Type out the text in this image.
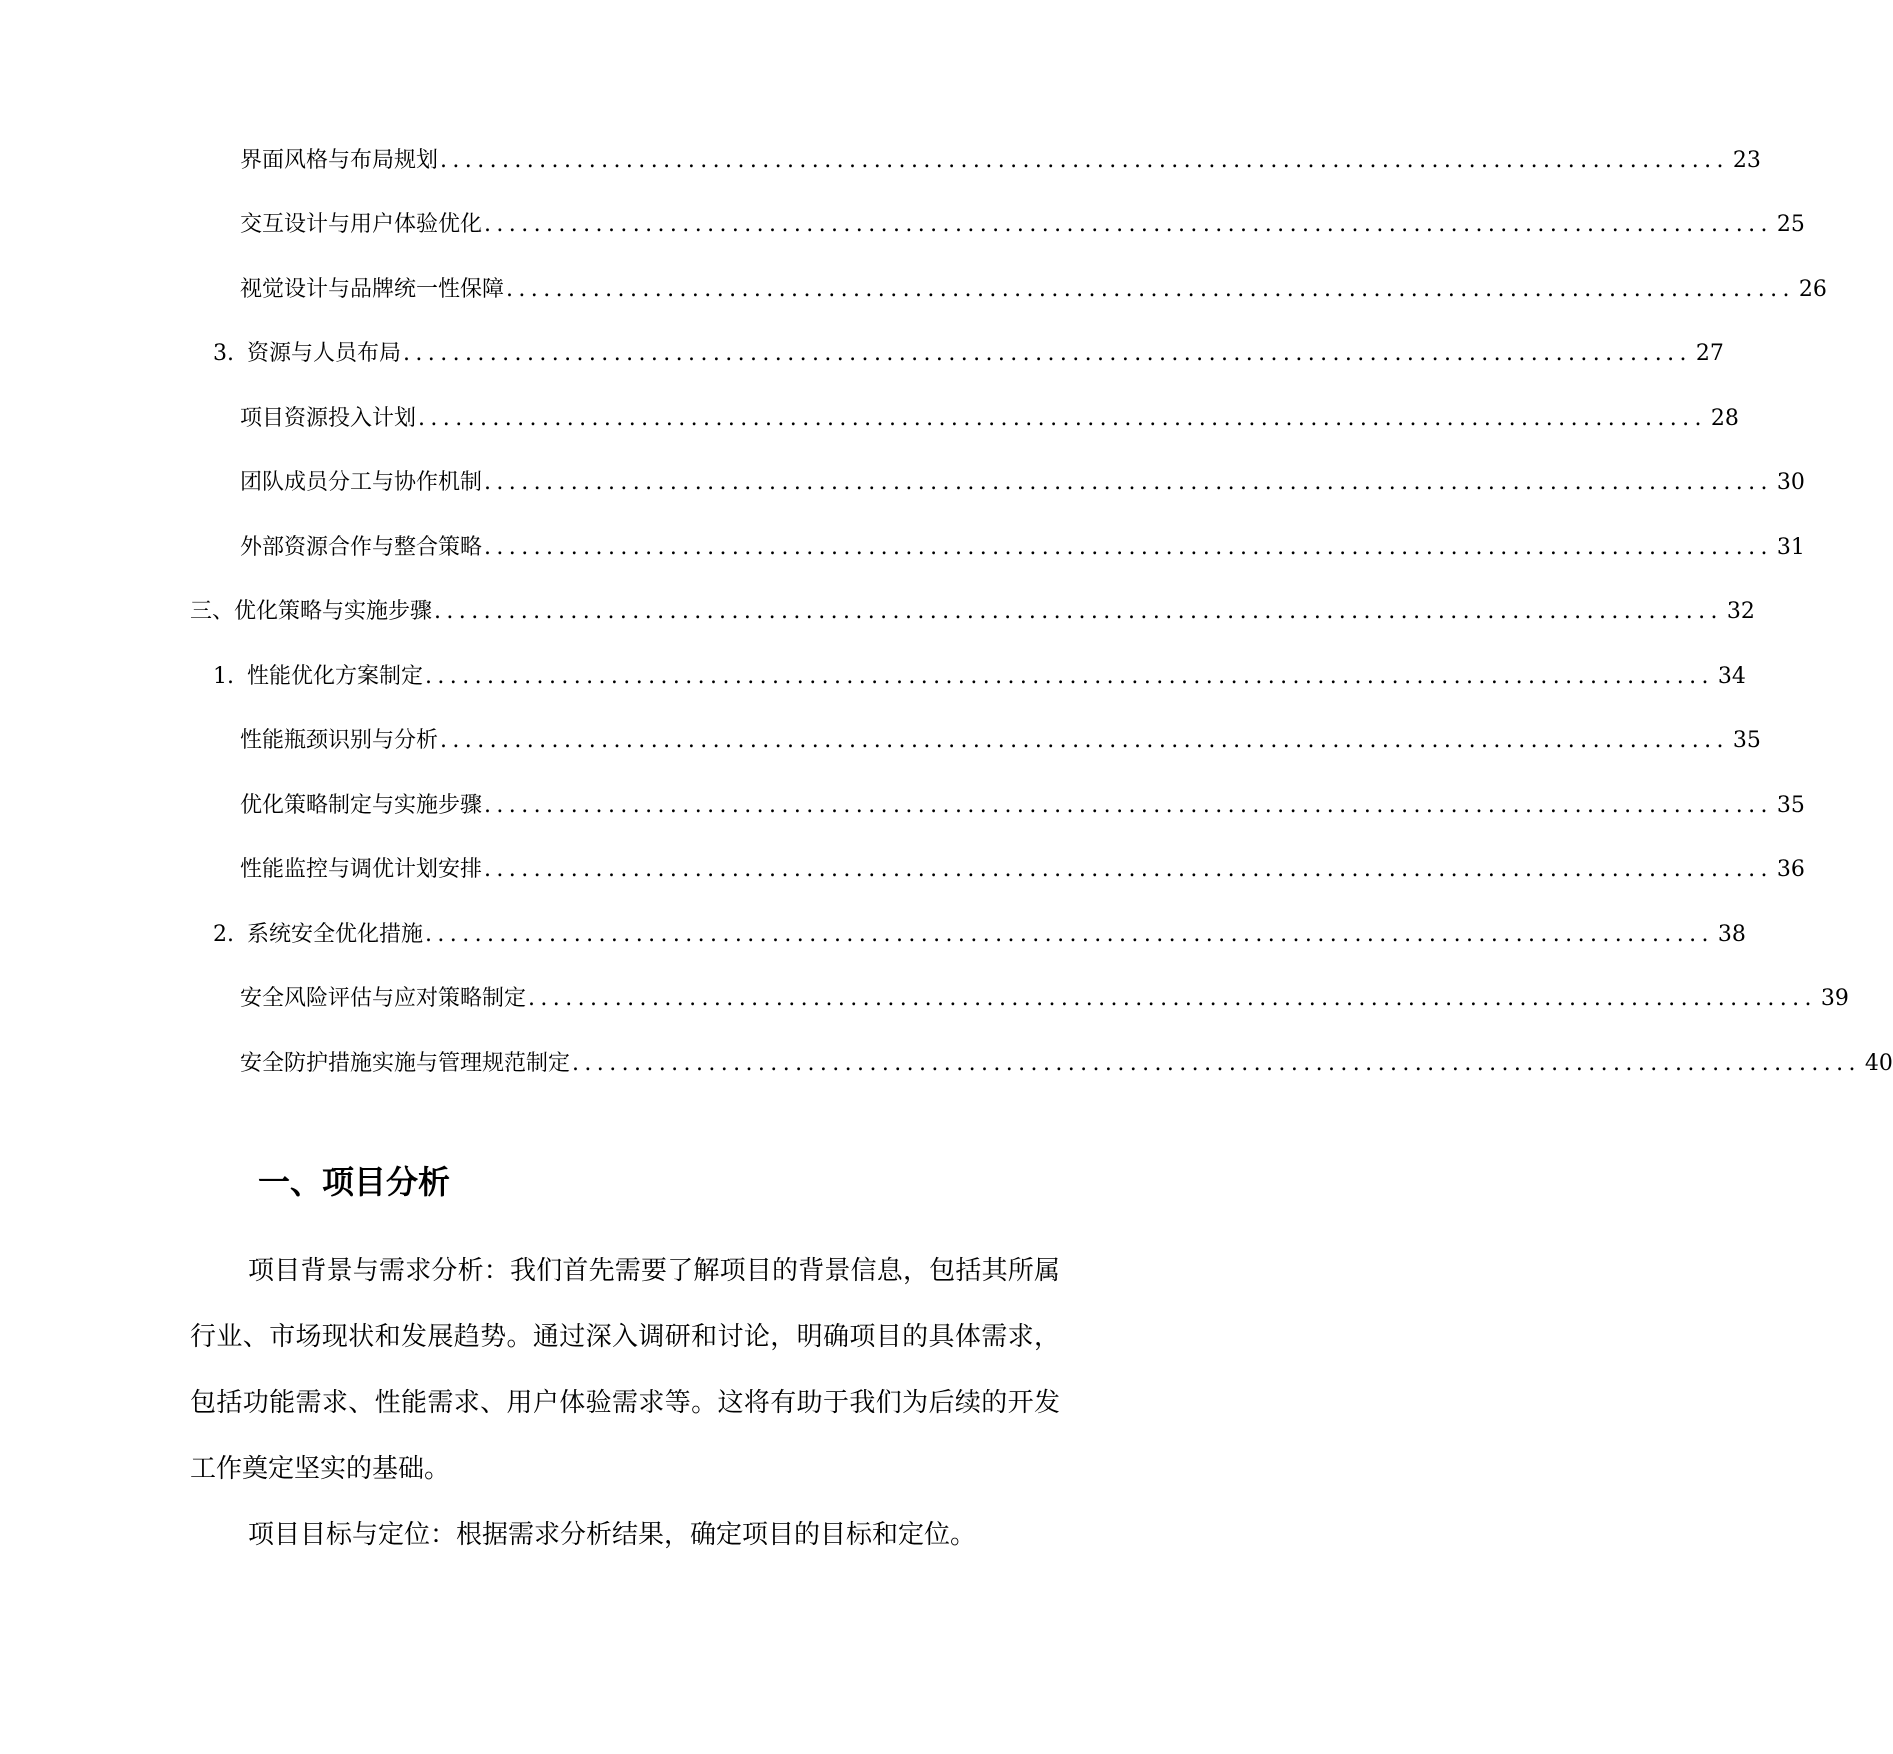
界面风格与布局规划 ........................................................................................................ 23
交互设计与用户体验优化 ........................................................................................................ 25
视觉设计与品牌统一性保障 ........................................................................................................ 26
3. 资源与人员布局 ........................................................................................................ 27
项目资源投入计划 ........................................................................................................ 28
团队成员分工与协作机制 ........................................................................................................ 30
外部资源合作与整合策略 ........................................................................................................ 31
三、优化策略与实施步骤 ........................................................................................................ 32
1. 性能优化方案制定 ........................................................................................................ 34
性能瓶颈识别与分析 ........................................................................................................ 35
优化策略制定与实施步骤 ........................................................................................................ 35
性能监控与调优计划安排 ........................................................................................................ 36
2. 系统安全优化措施 ........................................................................................................ 38
安全风险评估与应对策略制定 ........................................................................................................ 39
安全防护措施实施与管理规范制定 ........................................................................................................ 40
一、项目分析

项目背景与需求分析：我们首先需要了解项目的背景信息，包括其所属行业、市场现状和发展趋势。通过深入调研和讨论，明确项目的具体需求，包括功能需求、性能需求、用户体验需求等。这将有助于我们为后续的开发工作奠定坚实的基础。

项目目标与定位：根据需求分析结果，确定项目的目标和定位。
